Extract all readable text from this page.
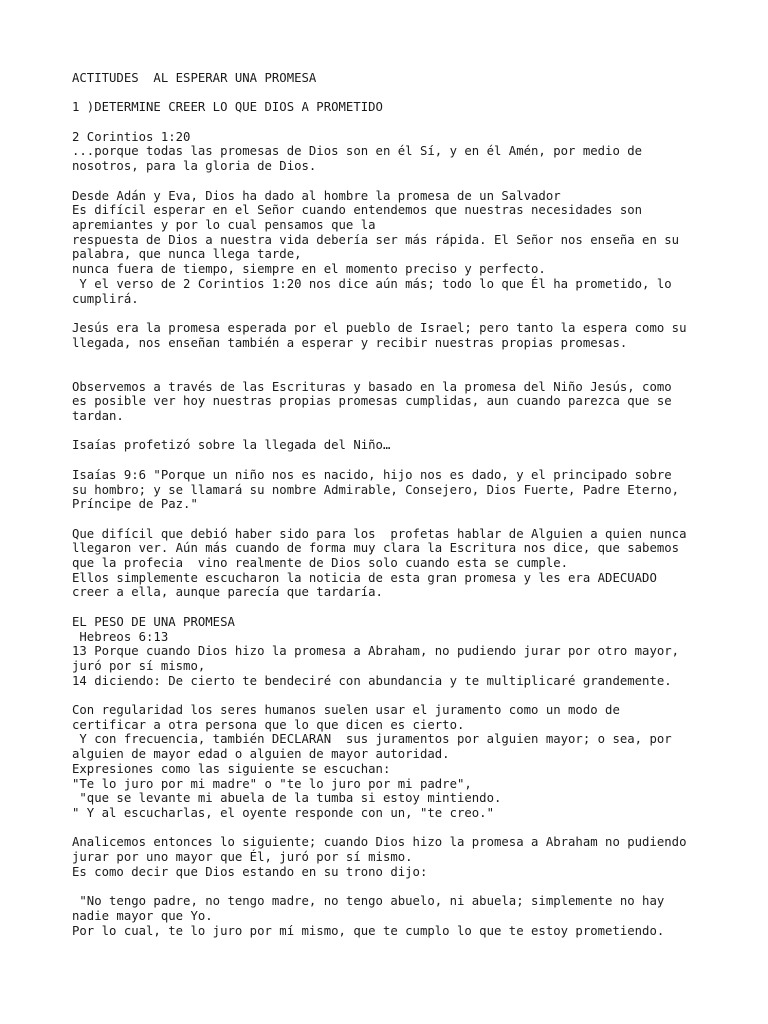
ACTITUDES  AL ESPERAR UNA PROMESA
1 )DETERMINE CREER LO QUE DIOS A PROMETIDO
2 Corintios 1:20
...porque todas las promesas de Dios son en él Sí, y en él Amén, por medio de
nosotros, para la gloria de Dios.
Desde Adán y Eva, Dios ha dado al hombre la promesa de un Salvador
Es difícil esperar en el Señor cuando entendemos que nuestras necesidades son
apremiantes y por lo cual pensamos que la
respuesta de Dios a nuestra vida debería ser más rápida. El Señor nos enseña en su
palabra, que nunca llega tarde,
nunca fuera de tiempo, siempre en el momento preciso y perfecto.
Y el verso de 2 Corintios 1:20 nos dice aún más; todo lo que Él ha prometido, lo
cumplirá.
Jesús era la promesa esperada por el pueblo de Israel; pero tanto la espera como su
llegada, nos enseñan también a esperar y recibir nuestras propias promesas.
Observemos a través de las Escrituras y basado en la promesa del Niño Jesús, como
es posible ver hoy nuestras propias promesas cumplidas, aun cuando parezca que se
tardan.
Isaías profetizó sobre la llegada del Niño…
Isaías 9:6 "Porque un niño nos es nacido, hijo nos es dado, y el principado sobre
su hombro; y se llamará su nombre Admirable, Consejero, Dios Fuerte, Padre Eterno,
Príncipe de Paz."
Que difícil que debió haber sido para los  profetas hablar de Alguien a quien nunca
llegaron ver. Aún más cuando de forma muy clara la Escritura nos dice, que sabemos
que la profecia  vino realmente de Dios solo cuando esta se cumple.
Ellos simplemente escucharon la noticia de esta gran promesa y les era ADECUADO
creer a ella, aunque parecía que tardaría.
EL PESO DE UNA PROMESA
Hebreos 6:13
13 Porque cuando Dios hizo la promesa a Abraham, no pudiendo jurar por otro mayor,
juró por sí mismo,
14 diciendo: De cierto te bendeciré con abundancia y te multiplicaré grandemente.
Con regularidad los seres humanos suelen usar el juramento como un modo de
certificar a otra persona que lo que dicen es cierto.
Y con frecuencia, también DECLARAN  sus juramentos por alguien mayor; o sea, por
alguien de mayor edad o alguien de mayor autoridad.
Expresiones como las siguiente se escuchan:
"Te lo juro por mi madre" o "te lo juro por mi padre",
"que se levante mi abuela de la tumba si estoy mintiendo.
" Y al escucharlas, el oyente responde con un, "te creo."
Analicemos entonces lo siguiente; cuando Dios hizo la promesa a Abraham no pudiendo
jurar por uno mayor que Él, juró por sí mismo.
Es como decir que Dios estando en su trono dijo:
"No tengo padre, no tengo madre, no tengo abuelo, ni abuela; simplemente no hay
nadie mayor que Yo.
Por lo cual, te lo juro por mí mismo, que te cumplo lo que te estoy prometiendo.
